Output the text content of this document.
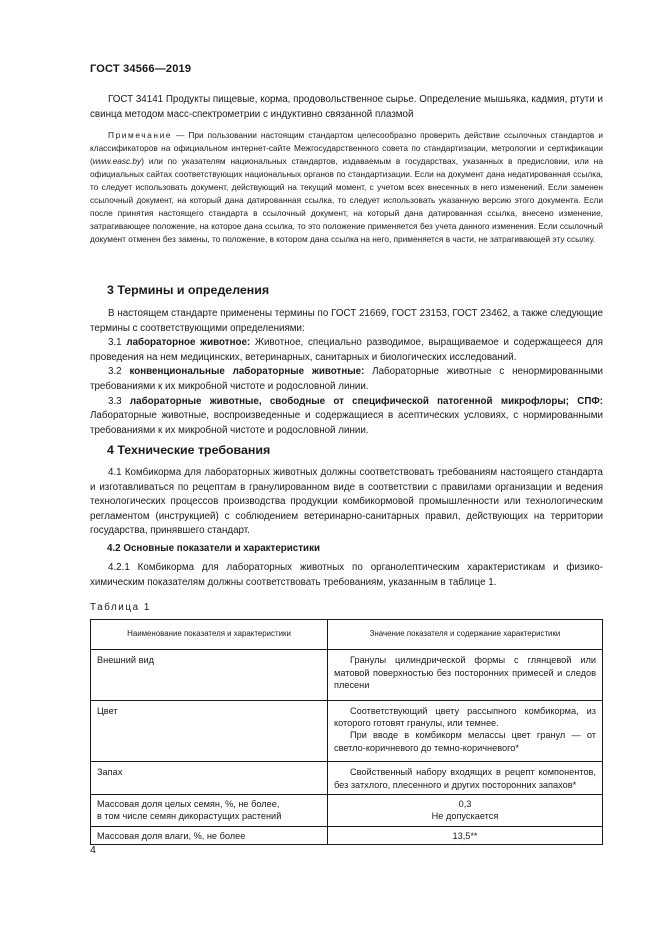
ГОСТ 34566—2019

ГОСТ 34141 Продукты пищевые, корма, продовольственное сырье. Определение мышьяка, кадмия, ртути и свинца методом масс-спектрометрии с индуктивно связанной плазмой

Примечание — При пользовании настоящим стандартом целесообразно проверить действие ссылочных стандартов и классификаторов на официальном интернет-сайте Межгосударственного совета по стандартизации, метрологии и сертификации (www.easc.by) или по указателям национальных стандартов, издаваемым в государствах, указанных в предисловии, или на официальных сайтах соответствующих национальных органов по стандартизации. Если на документ дана недатированная ссылка, то следует использовать документ, действующий на текущий момент, с учетом всех внесенных в него изменений. Если заменен ссылочный документ, на который дана датированная ссылка, то следует использовать указанную версию этого документа. Если после принятия настоящего стандарта в ссылочный документ, на который дана датированная ссылка, внесено изменение, затрагивающее положение, на которое дана ссылка, то это положение применяется без учета данного изменения. Если ссылочный документ отменен без замены, то положение, в котором дана ссылка на него, применяется в части, не затрагивающей эту ссылку.

3 Термины и определения

В настоящем стандарте применены термины по ГОСТ 21669, ГОСТ 23153, ГОСТ 23462, а также следующие термины с соответствующими определениями:

3.1 лабораторное животное: Животное, специально разводимое, выращиваемое и содержащееся для проведения на нем медицинских, ветеринарных, санитарных и биологических исследований.

3.2 конвенциональные лабораторные животные: Лабораторные животные с ненормированными требованиями к их микробной чистоте и родословной линии.

3.3 лабораторные животные, свободные от специфической патогенной микрофлоры; СПФ: Лабораторные животные, воспроизведенные и содержащиеся в асептических условиях, с нормированными требованиями к их микробной чистоте и родословной линии.

4 Технические требования

4.1 Комбикорма для лабораторных животных должны соответствовать требованиям настоящего стандарта и изготавливаться по рецептам в гранулированном виде в соответствии с правилами организации и ведения технологических процессов производства продукции комбикормовой промышленности или технологическим регламентом (инструкцией) с соблюдением ветеринарно-санитарных правил, действующих на территории государства, принявшего стандарт.

4.2 Основные показатели и характеристики

4.2.1 Комбикорма для лабораторных животных по органолептическим характеристикам и физико-химическим показателям должны соответствовать требованиям, указанным в таблице 1.

Таблица 1
Наименование показателя и характеристики	Значение показателя и содержание характеристики
Внешний вид	Гранулы цилиндрической формы с глянцевой или матовой поверхностью без посторонних примесей и следов плесени

Цвет	Соответствующий цвету рассыпного комбикорма, из которого готовят гранулы, или темнее.
При вводе в комбикорм мелассы цвет гранул — от светло-коричневого до темно-коричневого*

Запах	Свойственный набору входящих в рецепт компонентов, без затхлого, плесенного и других посторонних запахов*

Массовая доля целых семян, %, не более,
в том числе семян дикорастущих растений	0,3
Не допускается

Массовая доля влаги, %, не более	13,5**
4
